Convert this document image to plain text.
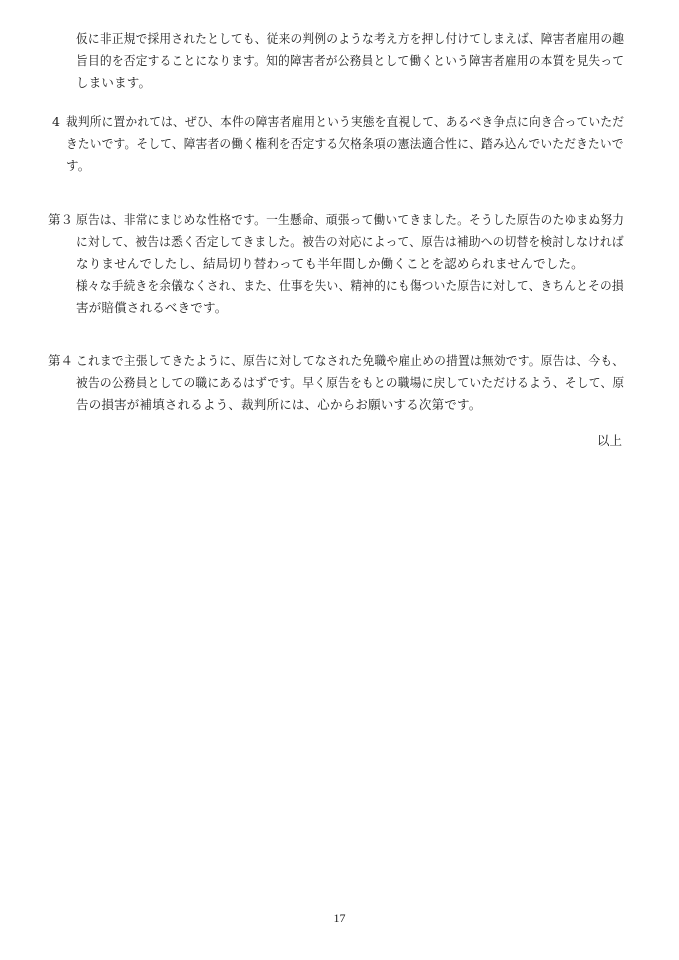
仮に非正規で採用されたとしても、従来の判例のような考え方を押し付けてしまえば、障害者雇用の趣
旨目的を否定することになります。知的障害者が公務員として働くという障害者雇用の本質を見失って
しまいます。
4 裁判所に置かれては、ぜひ、本件の障害者雇用という実態を直視して、あるべき争点に向き合っていただ
きたいです。そして、障害者の働く権利を否定する欠格条項の憲法適合性に、踏み込んでいただきたいで
す。
第３ 原告は、非常にまじめな性格です。一生懸命、頑張って働いてきました。そうした原告のたゆまぬ努力
に対して、被告は悉く否定してきました。被告の対応によって、原告は補助への切替を検討しなければ
なりませんでしたし、結局切り替わっても半年間しか働くことを認められませんでした。
様々な手続きを余儀なくされ、また、仕事を失い、精神的にも傷ついた原告に対して、きちんとその損
害が賠償されるべきです。
第４ これまで主張してきたように、原告に対してなされた免職や雇止めの措置は無効です。原告は、今も、
被告の公務員としての職にあるはずです。早く原告をもとの職場に戻していただけるよう、そして、原
告の損害が補填されるよう、裁判所には、心からお願いする次第です。
以上
17
